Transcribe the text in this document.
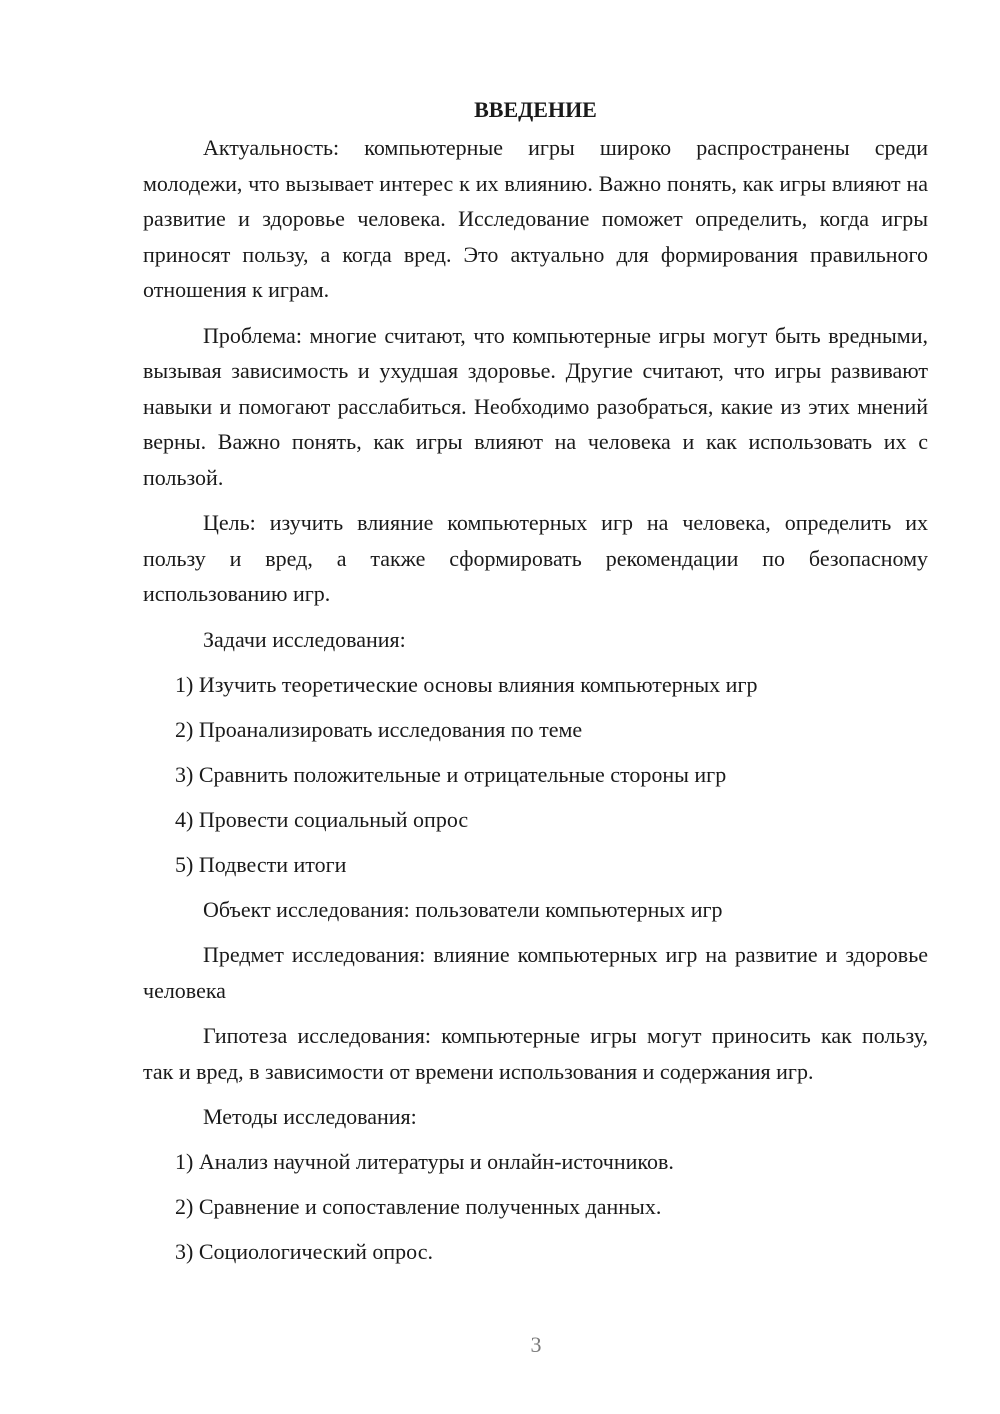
ВВЕДЕНИЕ

Актуальность: компьютерные игры широко распространены среди молодежи, что вызывает интерес к их влиянию. Важно понять, как игры влияют на развитие и здоровье человека. Исследование поможет определить, когда игры приносят пользу, а когда вред. Это актуально для формирования правильного отношения к играм.

Проблема: многие считают, что компьютерные игры могут быть вредными, вызывая зависимость и ухудшая здоровье. Другие считают, что игры развивают навыки и помогают расслабиться. Необходимо разобраться, какие из этих мнений верны. Важно понять, как игры влияют на человека и как использовать их с пользой.

Цель: изучить влияние компьютерных игр на человека, определить их пользу и вред, а также сформировать рекомендации по безопасному использованию игр.

Задачи исследования:

1) Изучить теоретические основы влияния компьютерных игр
2) Проанализировать исследования по теме
3) Сравнить положительные и отрицательные стороны игр
4) Провести социальный опрос
5) Подвести итоги

Объект исследования: пользователи компьютерных игр

Предмет исследования: влияние компьютерных игр на развитие и здоровье человека

Гипотеза исследования: компьютерные игры могут приносить как пользу, так и вред, в зависимости от времени использования и содержания игр.

Методы исследования:

1) Анализ научной литературы и онлайн-источников.
2) Сравнение и сопоставление полученных данных.
3) Социологический опрос.
3
